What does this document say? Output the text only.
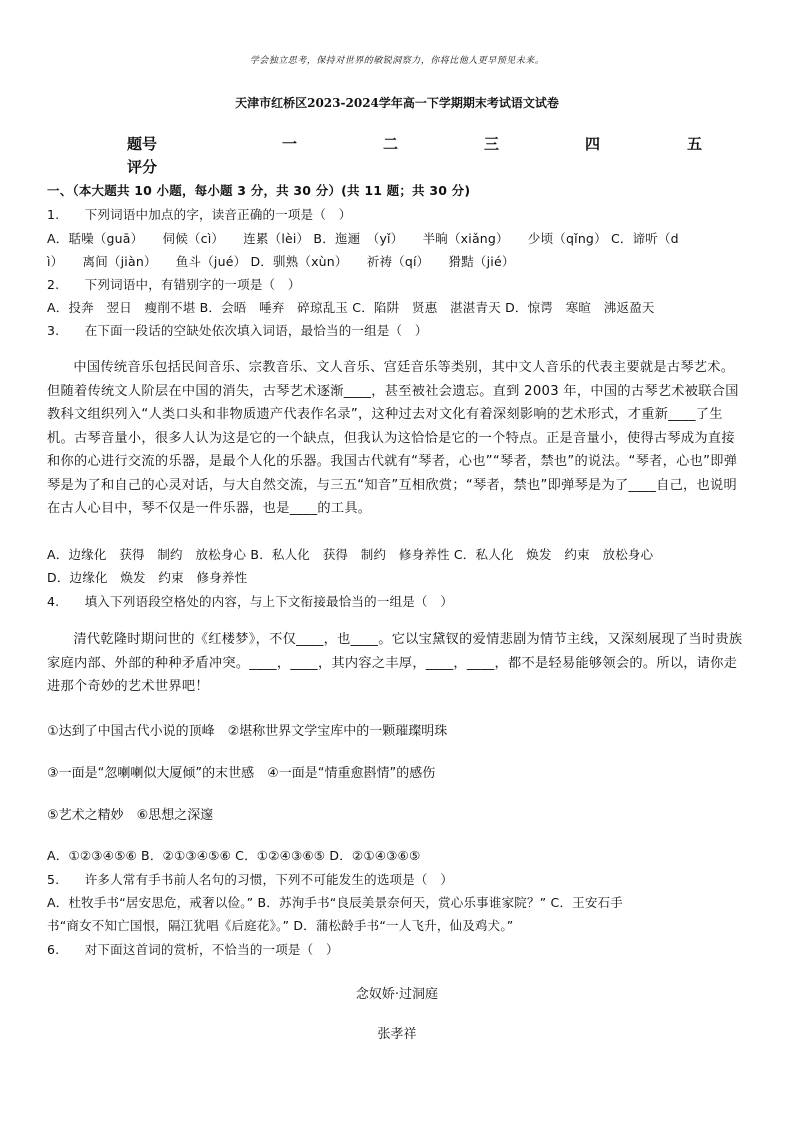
学会独立思考，保持对世界的敏锐洞察力，你将比他人更早预见未来。
天津市红桥区2023-2024学年高一下学期期末考试语文试卷
题号	一	二	三	四	五
评分
一、（本大题共 10 小题，每小题 3 分，共 30 分）(共 11 题；共 30 分)
1.　　下列词语中加点的字，读音正确的一项是（　）
A．聒噪（guā）　　伺候（cì）　　连累（lèi） B．迤逦　（yǐ）　　半晌（xiǎng）　　少顷（qǐng） C．谛听（d
ì）　　离间（jiàn）　　鱼斗（jué） D．驯熟（xùn）　　祈祷（qí）　　猾黠（jié）
2.　　下列词语中，有错别字的一项是（　）
A．投奔　翌日　瘦削不堪 B．会晤　唾弃　碎琼乱玉 C．陷阱　贤惠　湛湛青天 D．惊谔　寒暄　沸返盈天
3.　　在下面一段话的空缺处依次填入词语，最恰当的一组是（　）
中国传统音乐包括民间音乐、宗教音乐、文人音乐、宫廷音乐等类别，其中文人音乐的代表主要就是古琴艺术。但随着传统文人阶层在中国的消失，古琴艺术逐渐____，甚至被社会遗忘。直到 2003 年，中国的古琴艺术被联合国教科文组织列入“人类口头和非物质遗产代表作名录”，这种过去对文化有着深刻影响的艺术形式，才重新____了生机。古琴音量小，很多人认为这是它的一个缺点，但我认为这恰恰是它的一个特点。正是音量小，使得古琴成为直接和你的心进行交流的乐器，是最个人化的乐器。我国古代就有“琴者，心也”“琴者，禁也”的说法。“琴者，心也”即弹琴是为了和自己的心灵对话，与大自然交流，与三五“知音”互相欣赏；“琴者，禁也”即弹琴是为了____自己，也说明在古人心目中，琴不仅是一件乐器，也是____的工具。
A．边缘化　获得　制约　放松身心 B．私人化　获得　制约　修身养性 C．私人化　焕发　约束　放松身心
D．边缘化　焕发　约束　修身养性
4.　　填入下列语段空格处的内容，与上下文衔接最恰当的一组是（　）
清代乾隆时期问世的《红楼梦》，不仅____，也____。它以宝黛钗的爱情悲剧为情节主线，又深刻展现了当时贵族家庭内部、外部的种种矛盾冲突。____，____，其内容之丰厚，____，____，都不是轻易能够领会的。所以，请你走进那个奇妙的艺术世界吧！
①达到了中国古代小说的顶峰　②堪称世界文学宝库中的一颗璀璨明珠
③一面是“忽喇喇似大厦倾”的末世感　④一面是“情重愈斟情”的感伤
⑤艺术之精妙　⑥思想之深邃
A．①②③④⑤⑥ B．②①③④⑤⑥ C．①②④③⑥⑤ D．②①④③⑥⑤
5.　　许多人常有手书前人名句的习惯，下列不可能发生的选项是（　）
A．杜牧手书“居安思危，戒奢以俭。” B．苏洵手书“良辰美景奈何天，赏心乐事谁家院？” C．王安石手
书“商女不知亡国恨，隔江犹唱《后庭花》。” D．蒲松龄手书“一人飞升，仙及鸡犬。”
6.　　对下面这首词的赏析，不恰当的一项是（　）
念奴娇·过洞庭
张孝祥
